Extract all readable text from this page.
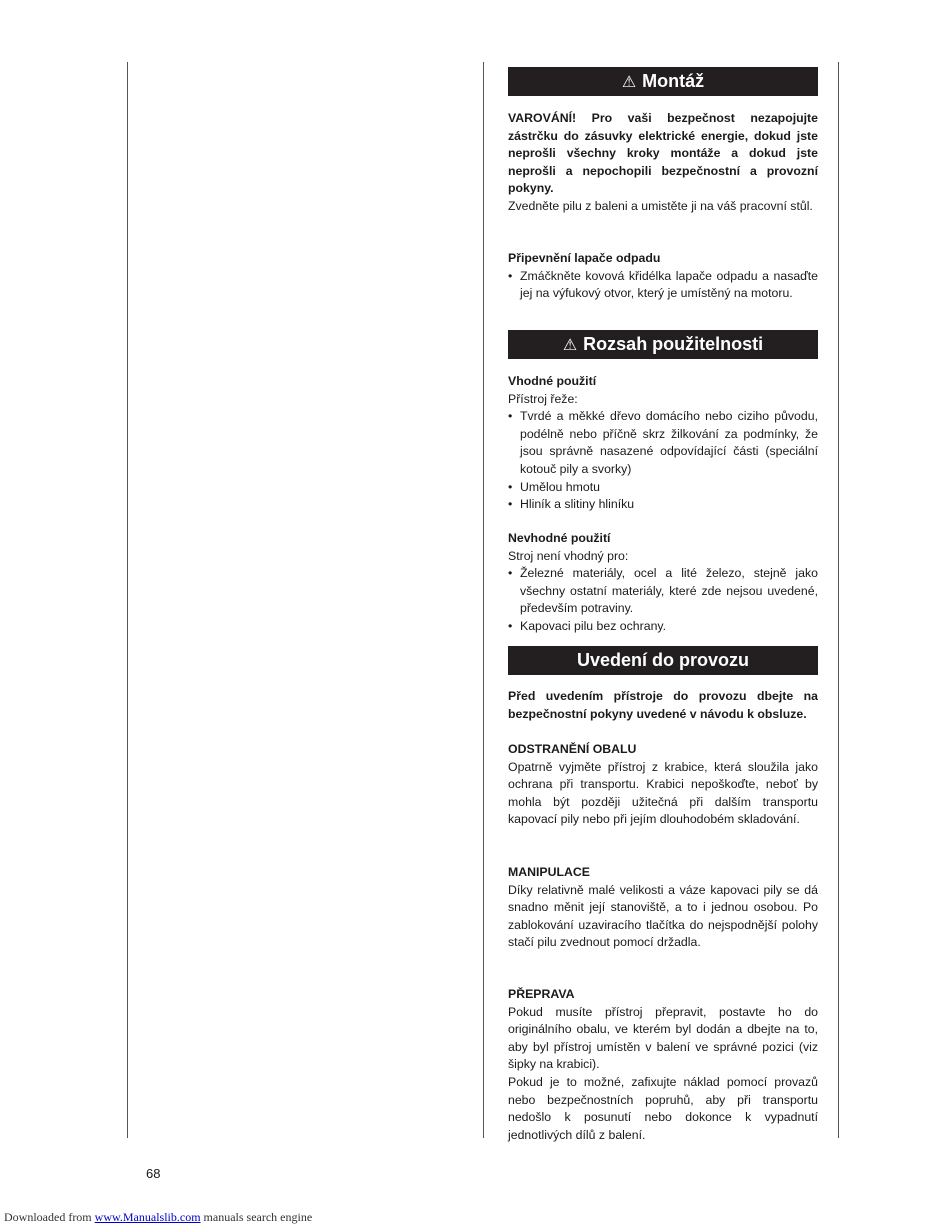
⚠ Montáž

VAROVÁNÍ! Pro vaši bezpečnost nezapojujte zástrčku do zásuvky elektrické energie, dokud jste neprošli všechny kroky montáže a dokud jste neprošli a nepochopili bezpečnostní a provozní pokyny.

Zvedněte pilu z baleni a umistěte ji na váš pracovní stůl.

Připevnění lapače odpadu

• Zmáčkněte kovová křidélka lapače odpadu a nasaďte jej na výfukový otvor, který je umístěný na motoru.
⚠ Rozsah použitelnosti

Vhodné použití

Přístroj řeže:

• Tvrdé a měkké dřevo domácího nebo ciziho původu, podélně nebo příčně skrz žilkování za podmínky, že jsou správně nasazené odpovídající části (speciální kotouč pily a svorky)
• Umělou hmotu
• Hliník a slitiny hliníku

Nevhodné použití

Stroj není vhodný pro:

• Železné materiály, ocel a lité železo, stejně jako všechny ostatní materiály, které zde nejsou uvedené, především potraviny.
• Kapovaci pilu bez ochrany.
Uvedení do provozu

Před uvedením přístroje do provozu dbejte na bezpečnostní pokyny uvedené v návodu k obsluze.

ODSTRANĚNÍ OBALU

Opatrně vyjměte přístroj z krabice, která sloužila jako ochrana při transportu. Krabici nepoškoďte, neboť by mohla být později užitečná při dalším transportu kapovací pily nebo při jejím dlouhodobém skladování.

MANIPULACE

Díky relativně malé velikosti a váze kapovaci pily se dá snadno měnit její stanoviště, a to i jednou osobou. Po zablokování uzaviracího tlačítka do nejspodnější polohy stačí pilu zvednout pomocí držadla.

PŘEPRAVA

Pokud musíte přístroj přepravit, postavte ho do originálního obalu, ve kterém byl dodán a dbejte na to, aby byl přístroj umístěn v balení ve správné pozici (viz šipky na krabici).

Pokud je to možné, zafixujte náklad pomocí provazů nebo bezpečnostních popruhů, aby při transportu nedošlo k posunutí nebo dokonce k vypadnutí jednotlivých dílů z balení.

68
Downloaded from www.Manualslib.com manuals search engine
